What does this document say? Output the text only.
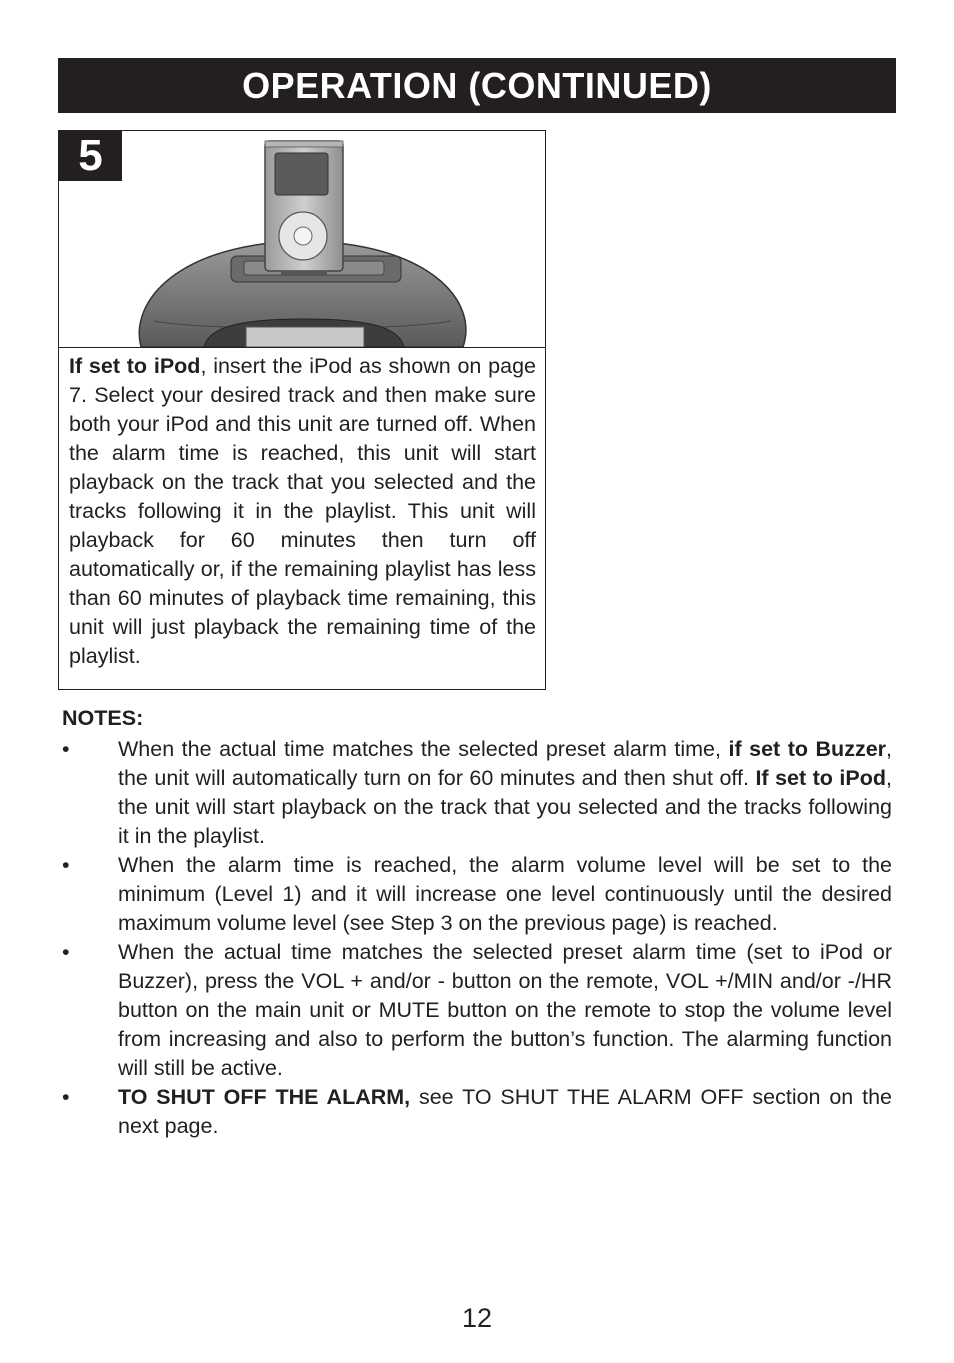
OPERATION (CONTINUED)
5
If set to iPod, insert the iPod as shown on page 7. Select your desired track and then make sure both your iPod and this unit are turned off. When the alarm time is reached, this unit will start playback on the track that you selected and the tracks following it in the playlist. This unit will playback for 60 minutes then turn off automatically or, if the remaining playlist has less than 60 minutes of playback time remaining, this unit will just playback the remaining time of the playlist.
NOTES:
•	When the actual time matches the selected preset alarm time, if set to Buzzer, the unit will automatically turn on for 60 minutes and then shut off. If set to iPod, the unit will start playback on the track that you selected and the tracks following it in the playlist.
•	When the alarm time is reached, the alarm volume level will be set to the minimum (Level 1) and it will increase one level continuously until the desired maximum volume level (see Step 3 on the previous page) is reached.
•	When the actual time matches the selected preset alarm time (set to iPod or Buzzer), press the VOL + and/or - button on the remote, VOL +/MIN and/or -/HR button on the main unit or MUTE button on the remote to stop the volume level from increasing and also to perform the button’s function. The alarming function will still be active.
•	TO SHUT OFF THE ALARM, see TO SHUT THE ALARM OFF section on the next page.
12
